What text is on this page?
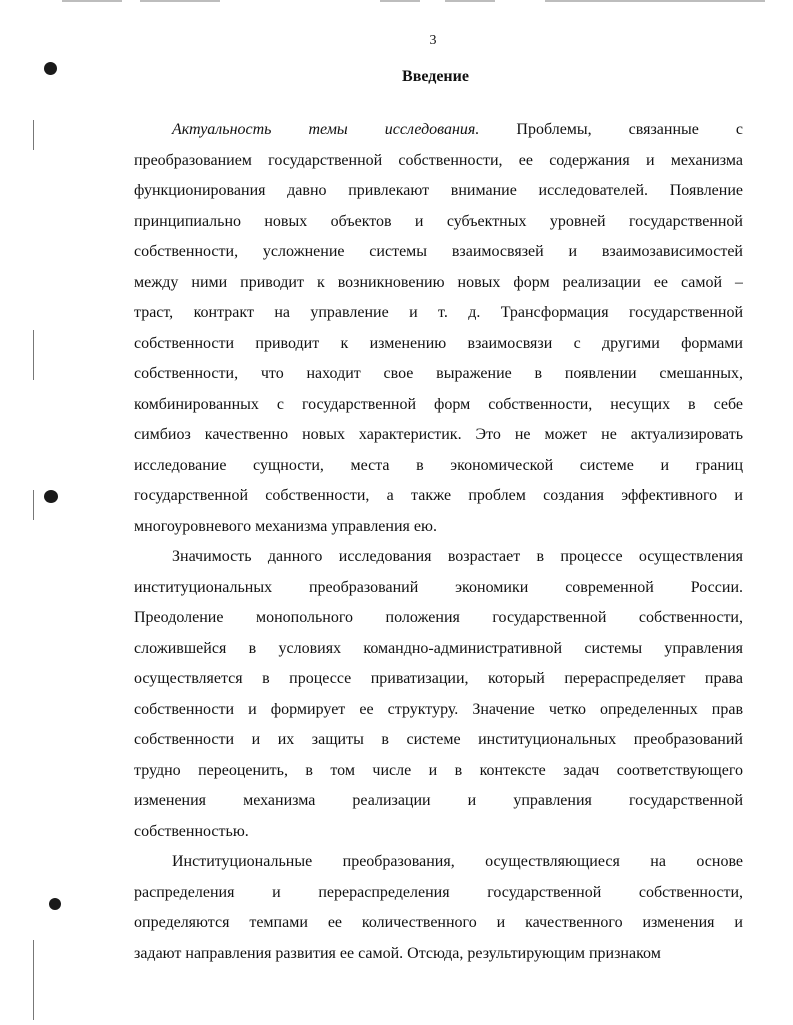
3
Введение
Актуальность темы исследования. Проблемы, связанные с
преобразованием государственной собственности, ее содержания и механизма
функционирования давно привлекают внимание исследователей. Появление
принципиально новых объектов и субъектных уровней государственной
собственности, усложнение системы взаимосвязей и взаимозависимостей
между ними приводит к возникновению новых форм реализации ее самой –
траст, контракт на управление и т. д. Трансформация государственной
собственности приводит к изменению взаимосвязи с другими формами
собственности, что находит свое выражение в появлении смешанных,
комбинированных с государственной форм собственности, несущих в себе
симбиоз качественно новых характеристик. Это не может не актуализировать
исследование сущности, места в экономической системе и границ
государственной собственности, а также проблем создания эффективного и
многоуровневого механизма управления ею.
Значимость данного исследования возрастает в процессе осуществления
институциональных преобразований экономики современной России.
Преодоление монопольного положения государственной собственности,
сложившейся в условиях командно-административной системы управления
осуществляется в процессе приватизации, который перераспределяет права
собственности и формирует ее структуру. Значение четко определенных прав
собственности и их защиты в системе институциональных преобразований
трудно переоценить, в том числе и в контексте задач соответствующего
изменения механизма реализации и управления государственной
собственностью.
Институциональные преобразования, осуществляющиеся на основе
распределения и перераспределения государственной собственности,
определяются темпами ее количественного и качественного изменения и
задают направления развития ее самой. Отсюда, результирующим признаком
